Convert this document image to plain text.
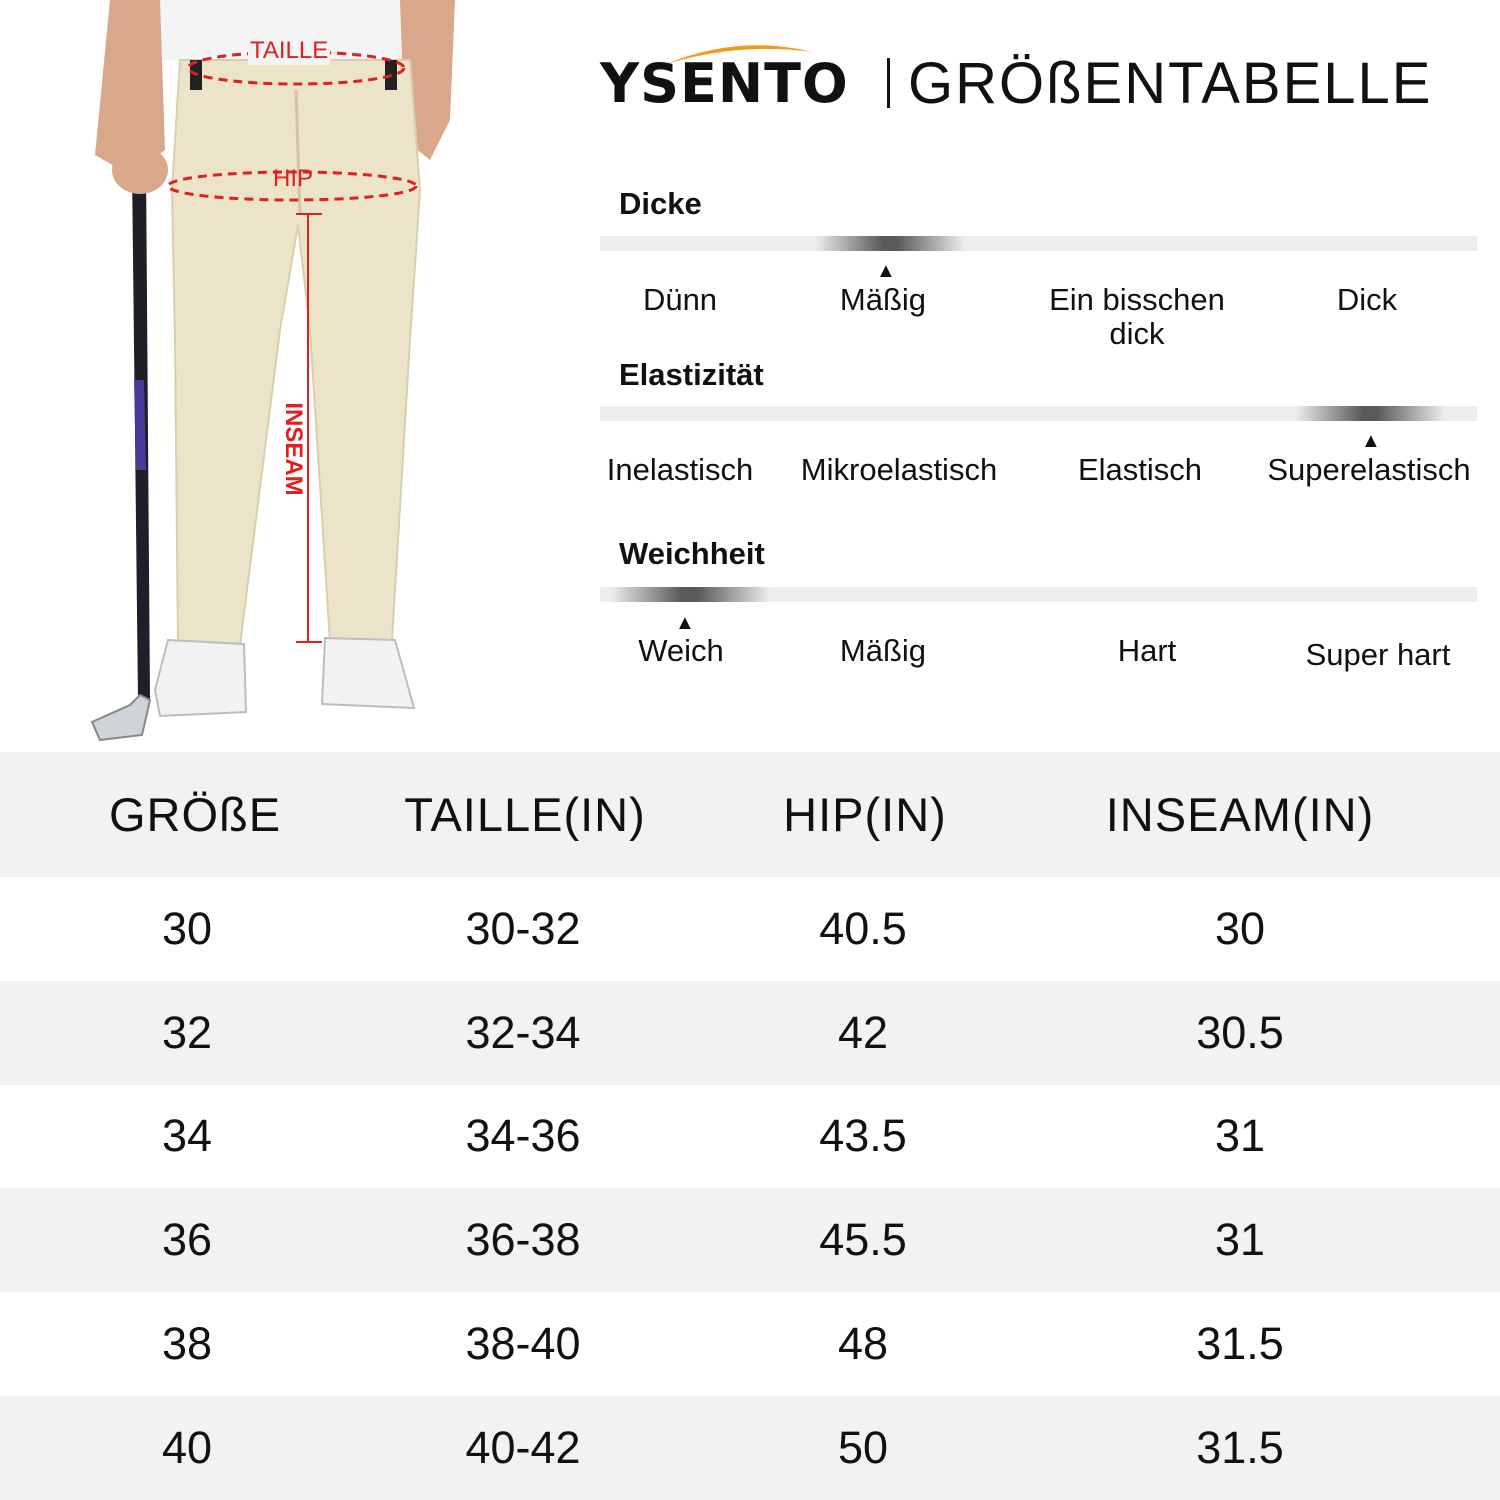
TAILLE
HIP
INSEAM
YSENTO GRÖßENTABELLE
Dicke
▲
Dünn	Mäßig	Ein bisschen dick
Dick
Elastizität
▲
Inelastisch	Mikroelastisch	Elastisch	Superelastisch
Weichheit
▲
Weich	Mäßig	Hart	Super hart
GRÖßE	TAILLE(IN)	HIP(IN)	INSEAM(IN)
30	30-32	40.5	30
32	32-34	42	30.5
34	34-36	43.5	31
36	36-38	45.5	31
38	38-40	48	31.5
40	40-42	50	31.5
